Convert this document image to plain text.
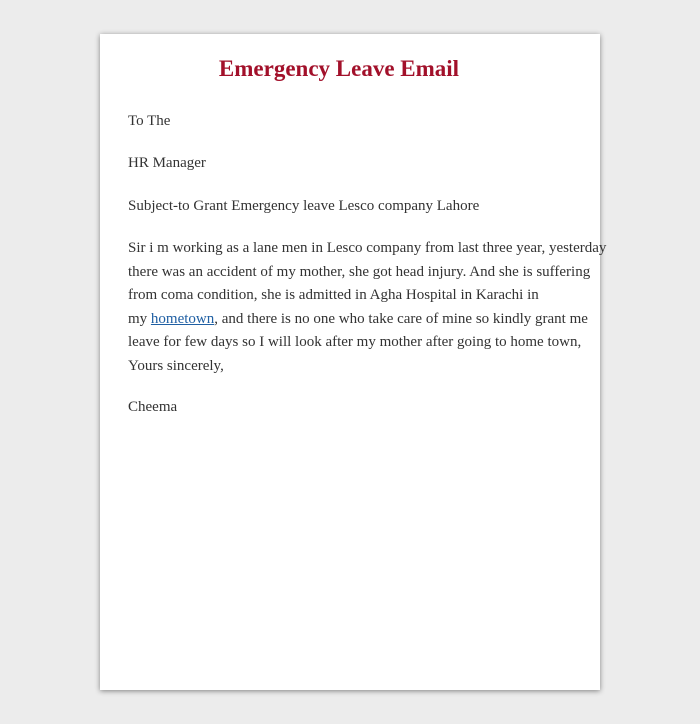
Emergency Leave Email

To The

HR Manager

Subject-to Grant Emergency leave Lesco company Lahore

Sir i m working as a lane men in Lesco company from last three year, yesterday
there was an accident of my mother, she got head injury. And she is suffering
from coma condition, she is admitted in Agha Hospital in Karachi in
my hometown, and there is no one who take care of mine so kindly grant me
leave for few days so I will look after my mother after going to home town,
Yours sincerely,

Cheema
